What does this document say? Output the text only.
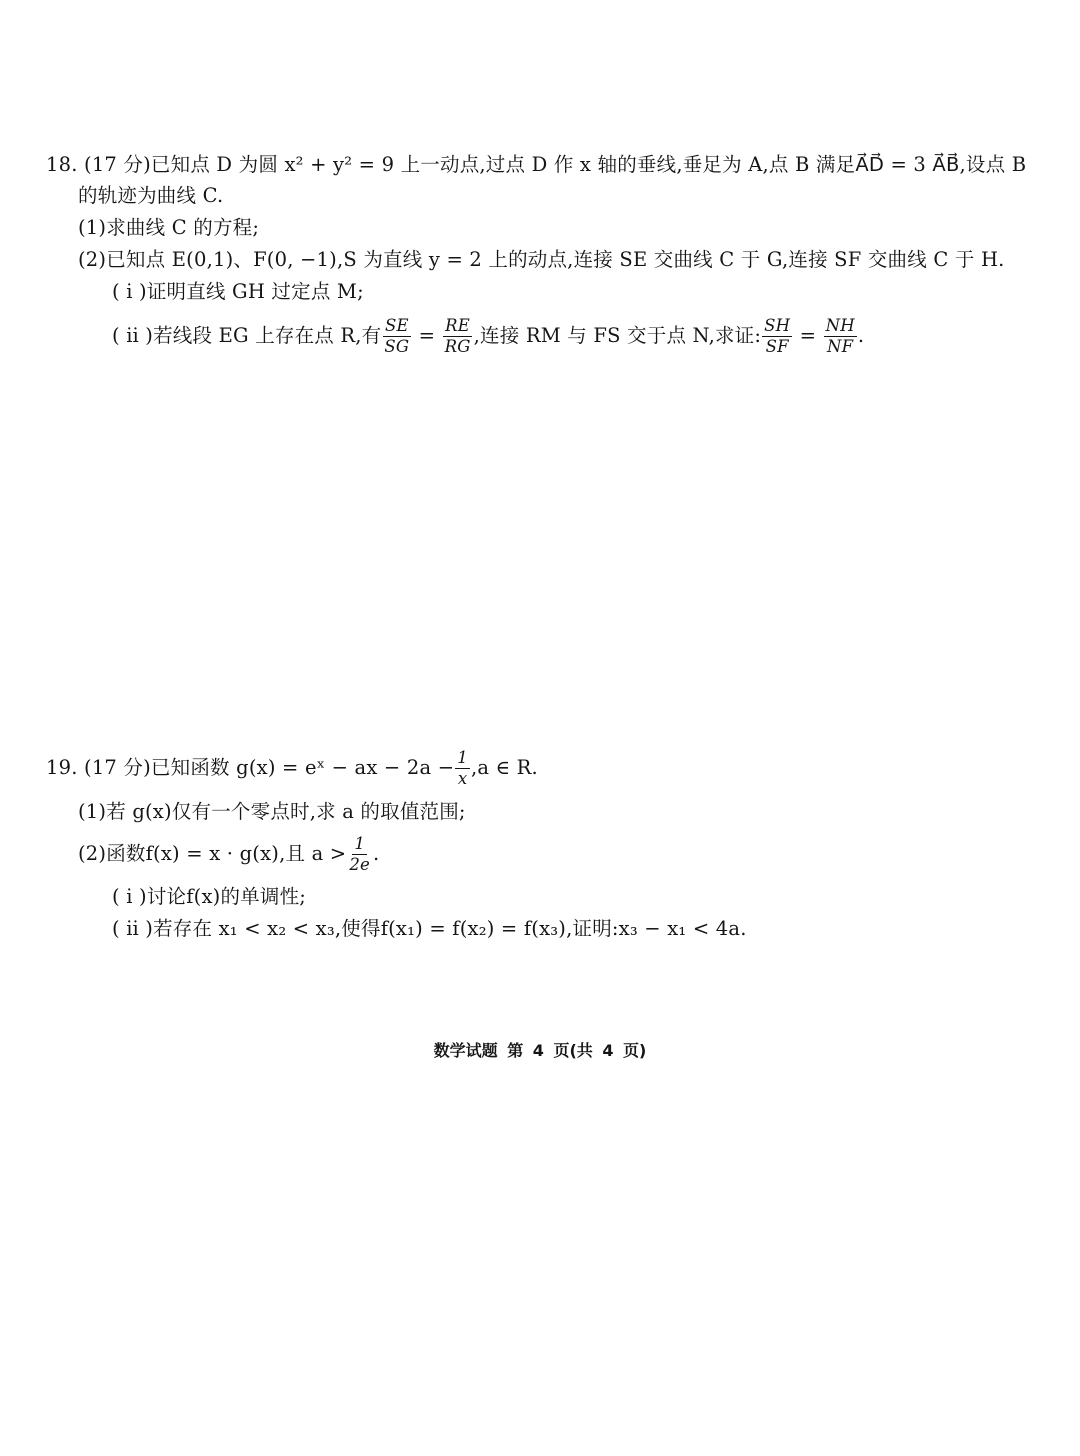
18. (17 分)已知点 D 为圆 x² + y² = 9 上一动点,过点 D 作 x 轴的垂线,垂足为 A,点 B 满足A⃗D⃗ = 3 A⃗B⃗,设点 B
的轨迹为曲线 C.
(1)求曲线 C 的方程;
(2)已知点 E(0,1)、F(0, −1),S 为直线 y = 2 上的动点,连接 SE 交曲线 C 于 G,连接 SF 交曲线 C 于 H.
( ⅰ )证明直线 GH 过定点 M;
( ⅱ )若线段 EG 上存在点 R,有 $\frac{SE}{SG} = \frac{RE}{RG}$ ,连接 RM 与 FS 交于点 N,求证: $\frac{SH}{SF} = \frac{NH}{NF}$ .
19. (17 分)已知函数 g(x) = eˣ − ax − $2a - \frac{1}{x} ,a$ ∈ R.
(1)若 g(x)仅有一个零点时,求 a 的取值范围;
(2)函数f(x) = x · g(x),且 $a > \frac{1}{2e}$ .
( ⅰ )讨论f(x)的单调性;
( ⅱ )若存在 x₁ < x₂ < x₃,使得f(x₁) = f(x₂) = f(x₃),证明:x₃ − x₁ < 4a.
数学试题 第 4 页(共 4 页)
